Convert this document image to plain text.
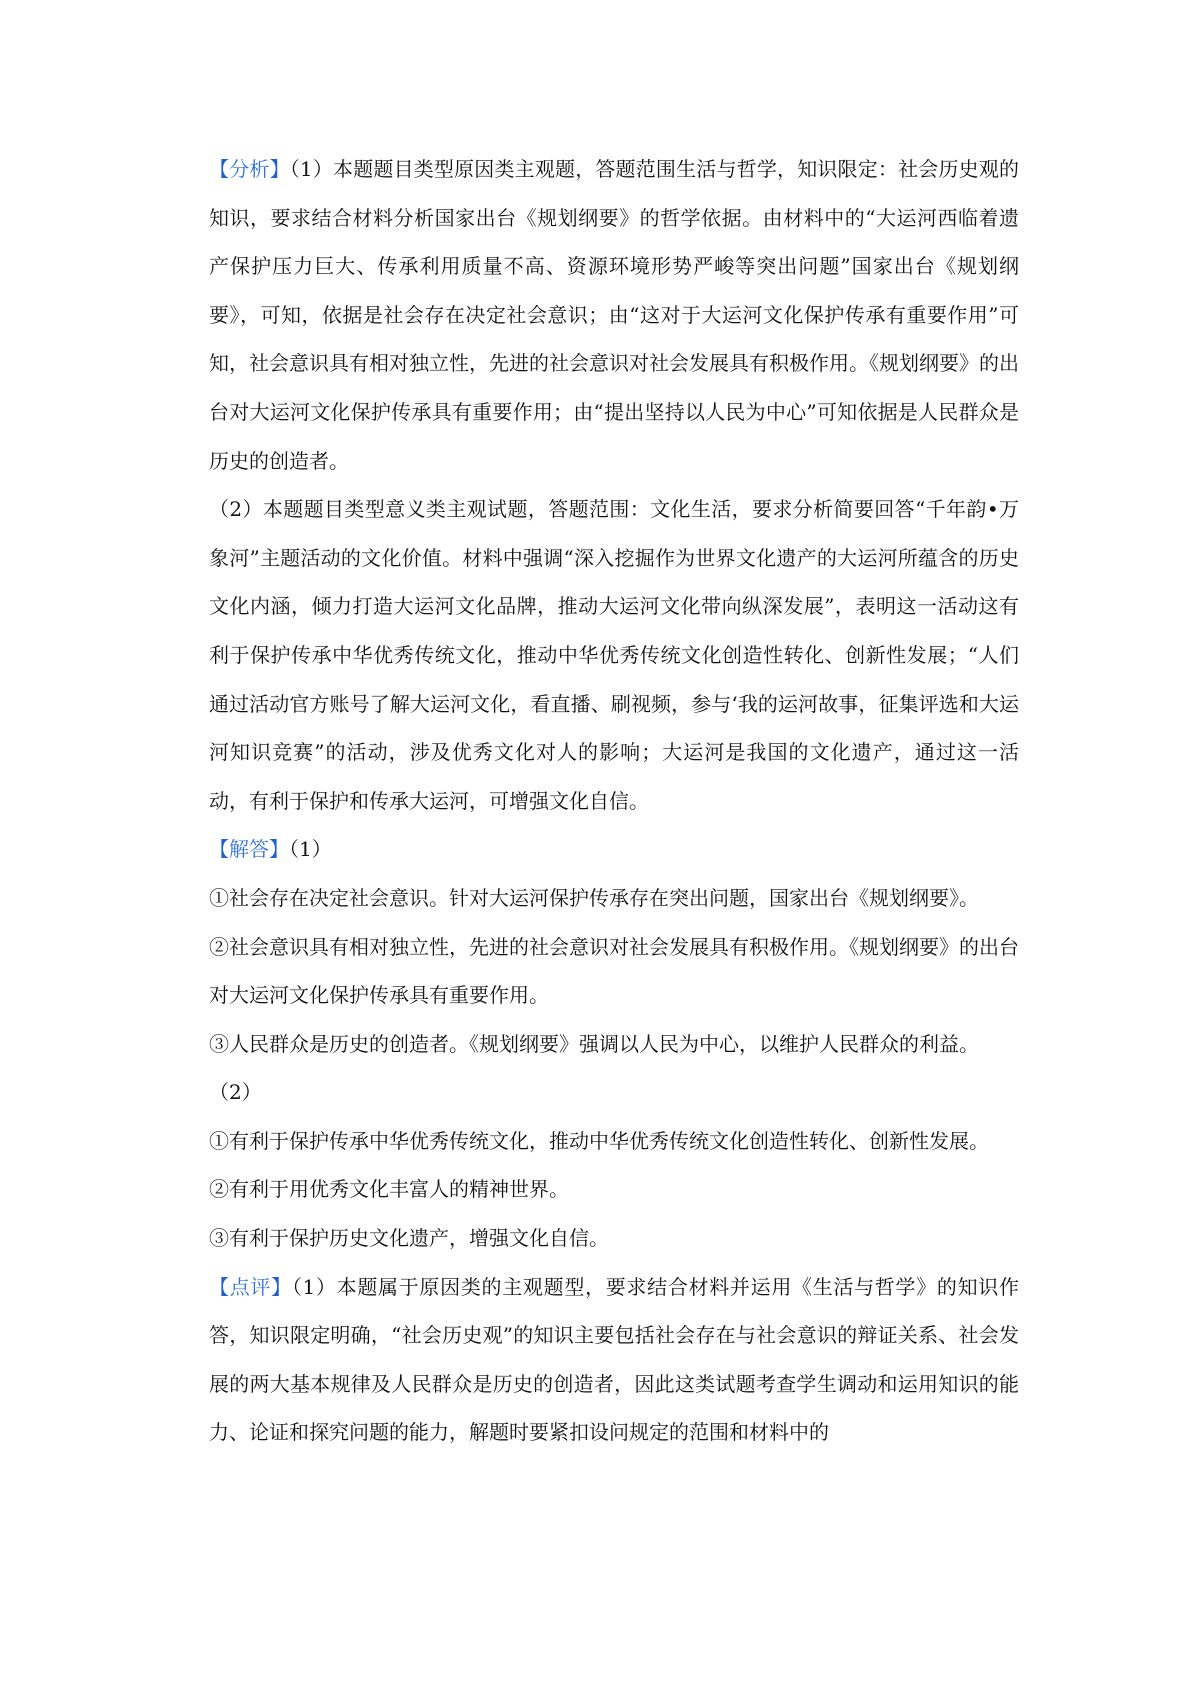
【分析】（1）本题题目类型原因类主观题，答题范围生活与哲学，知识限定：社会历史观的知识，要求结合材料分析国家出台《规划纲要》的哲学依据。由材料中的“大运河西临着遗产保护压力巨大、传承利用质量不高、资源环境形势严峻等突出问题”国家出台《规划纲要》，可知，依据是社会存在决定社会意识；由“这对于大运河文化保护传承有重要作用”可知，社会意识具有相对独立性，先进的社会意识对社会发展具有积极作用。《规划纲要》的出台对大运河文化保护传承具有重要作用；由“提出坚持以人民为中心”可知依据是人民群众是历史的创造者。

（2）本题题目类型意义类主观试题，答题范围：文化生活，要求分析简要回答“千年韵•万象河”主题活动的文化价值。材料中强调“深入挖掘作为世界文化遗产的大运河所蕴含的历史文化内涵，倾力打造大运河文化品牌，推动大运河文化带向纵深发展”，表明这一活动这有利于保护传承中华优秀传统文化，推动中华优秀传统文化创造性转化、创新性发展；“人们通过活动官方账号了解大运河文化，看直播、刷视频，参与‘我的运河故事，征集评选和大运河知识竞赛”的活动，涉及优秀文化对人的影响；大运河是我国的文化遗产，通过这一活动，有利于保护和传承大运河，可增强文化自信。

【解答】（1）

①社会存在决定社会意识。针对大运河保护传承存在突出问题，国家出台《规划纲要》。

②社会意识具有相对独立性，先进的社会意识对社会发展具有积极作用。《规划纲要》的出台对大运河文化保护传承具有重要作用。

③人民群众是历史的创造者。《规划纲要》强调以人民为中心，以维护人民群众的利益。

（2）

①有利于保护传承中华优秀传统文化，推动中华优秀传统文化创造性转化、创新性发展。

②有利于用优秀文化丰富人的精神世界。

③有利于保护历史文化遗产，增强文化自信。

【点评】（1）本题属于原因类的主观题型，要求结合材料并运用《生活与哲学》的知识作答，知识限定明确，“社会历史观”的知识主要包括社会存在与社会意识的辩证关系、社会发展的两大基本规律及人民群众是历史的创造者，因此这类试题考查学生调动和运用知识的能力、论证和探究问题的能力，解题时要紧扣设问规定的范围和材料中的
